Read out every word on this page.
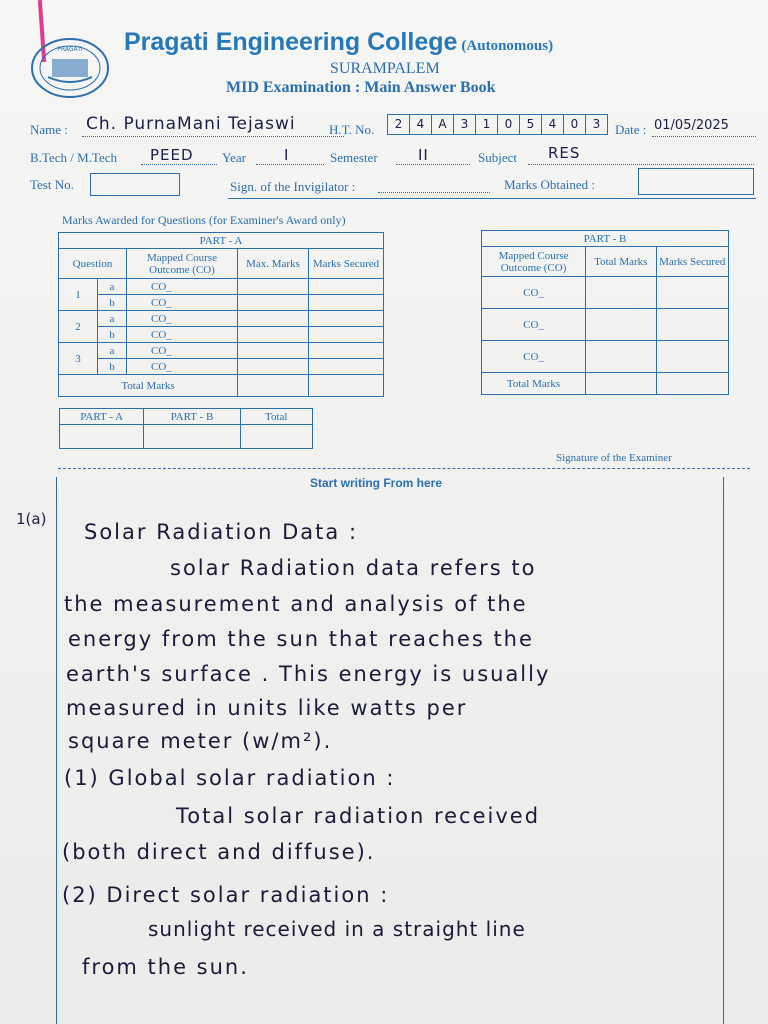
PRAGATI Pragati Engineering College (Autonomous)
SURAMPALEM
MID Examination : Main Answer Book
Name : Ch. PurnaMani Tejaswi	H.T. No.	2	4	A	3	1	0	5	4	0	3	Date : 01/05/2025
B.Tech / M.Tech PEED Year	I	Semester	II	Subject RES
Test No.	Sign. of the Invigilator :	Marks Obtained :
Marks Awarded for Questions (for Examiner's Award only)
PART - A				
Question		Mapped Course Outcome (CO)	Max. Marks	Marks Secured
1	a	CO_		
	b	CO_		
2	a	CO_		
	b	CO_		
3	a	CO_		
	b	CO_		
Total Marks				
PART - B		
Mapped Course Outcome (CO)	Total Marks	Marks Secured
CO_		
CO_		
CO_		
Total Marks		
PART - A	PART - B	Total

Signature of the Examiner
Start writing From here
1(a)
Solar Radiation Data :
solar Radiation data refers to
the measurement and analysis of the
energy from the sun that reaches the
earth's surface . This energy is usually
measured in units like watts per
square meter (w/m²).
(1) Global solar radiation :
Total solar radiation received
(both direct and diffuse).
(2) Direct solar radiation :
sunlight received in a straight line
from the sun.
